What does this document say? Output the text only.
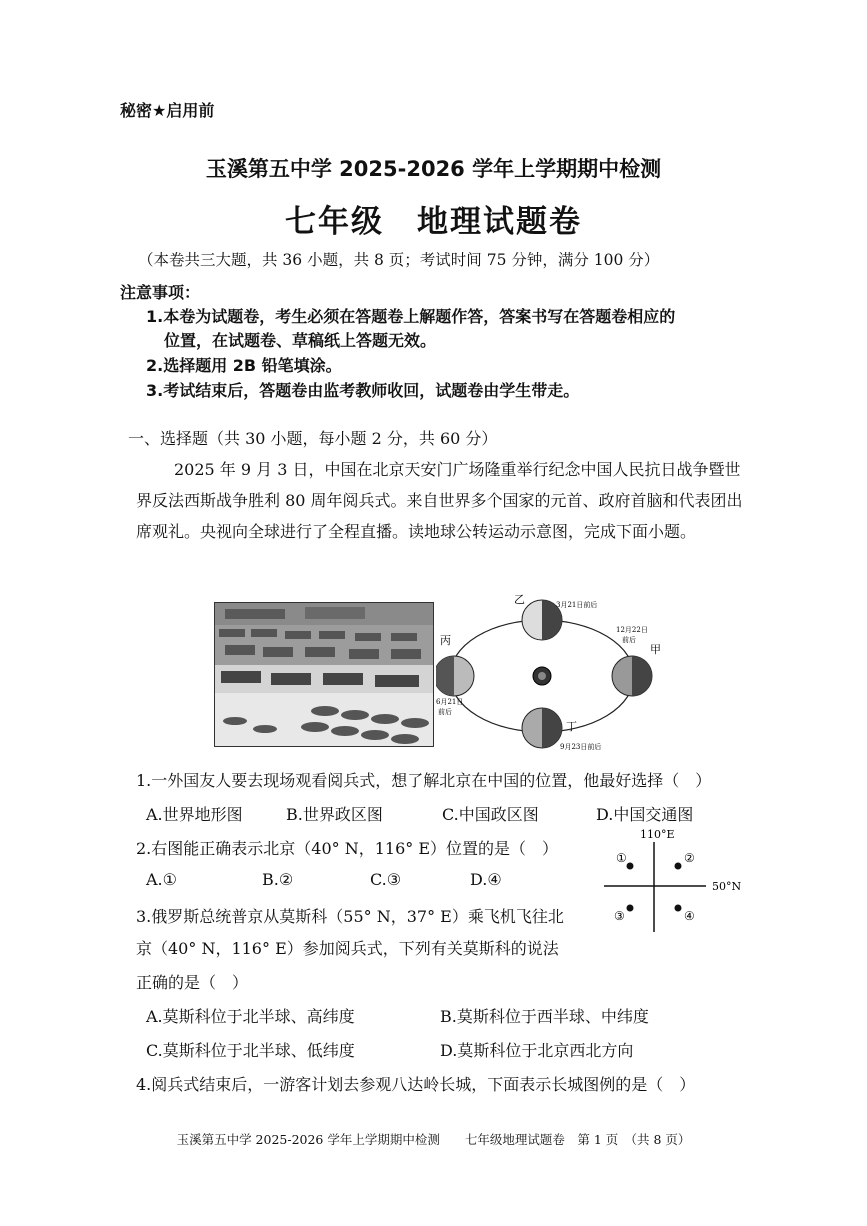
秘密★启用前
玉溪第五中学 2025-2026 学年上学期期中检测
七年级　地理试题卷
（本卷共三大题，共 36 小题，共 8 页；考试时间 75 分钟，满分 100 分）
注意事项：
1.本卷为试题卷，考生必须在答题卷上解题作答，答案书写在答题卷相应的
位置，在试题卷、草稿纸上答题无效。
2.选择题用 2B 铅笔填涂。
3.考试结束后，答题卷由监考教师收回，试题卷由学生带走。
一、选择题（共 30 小题，每小题 2 分，共 60 分）
2025 年 9 月 3 日，中国在北京天安门广场隆重举行纪念中国人民抗日战争暨世界反法西斯战争胜利 80 周年阅兵式。来自世界多个国家的元首、政府首脑和代表团出席观礼。央视向全球进行了全程直播。读地球公转运动示意图，完成下面小题。
乙	3月21日前后
12月22日
前后
甲
丙
6月21日
前后
丁
9月23日前后
1.一外国友人要去现场观看阅兵式，想了解北京在中国的位置，他最好选择（　）
A.世界地形图	B.世界政区图	C.中国政区图	D.中国交通图
2.右图能正确表示北京（40° N，116° E）位置的是（　）
A.①	B.②	C.③	D.④
110°E
50°N
①	②
③	④
3.俄罗斯总统普京从莫斯科（55° N，37° E）乘飞机飞往北
京（40° N，116° E）参加阅兵式，下列有关莫斯科的说法
正确的是（　）
A.莫斯科位于北半球、高纬度	B.莫斯科位于西半球、中纬度
C.莫斯科位于北半球、低纬度	D.莫斯科位于北京西北方向
4.阅兵式结束后，一游客计划去参观八达岭长城，下面表示长城图例的是（　）
玉溪第五中学 2025-2026 学年上学期期中检测　　七年级地理试题卷　第 1 页　（共 8 页）
